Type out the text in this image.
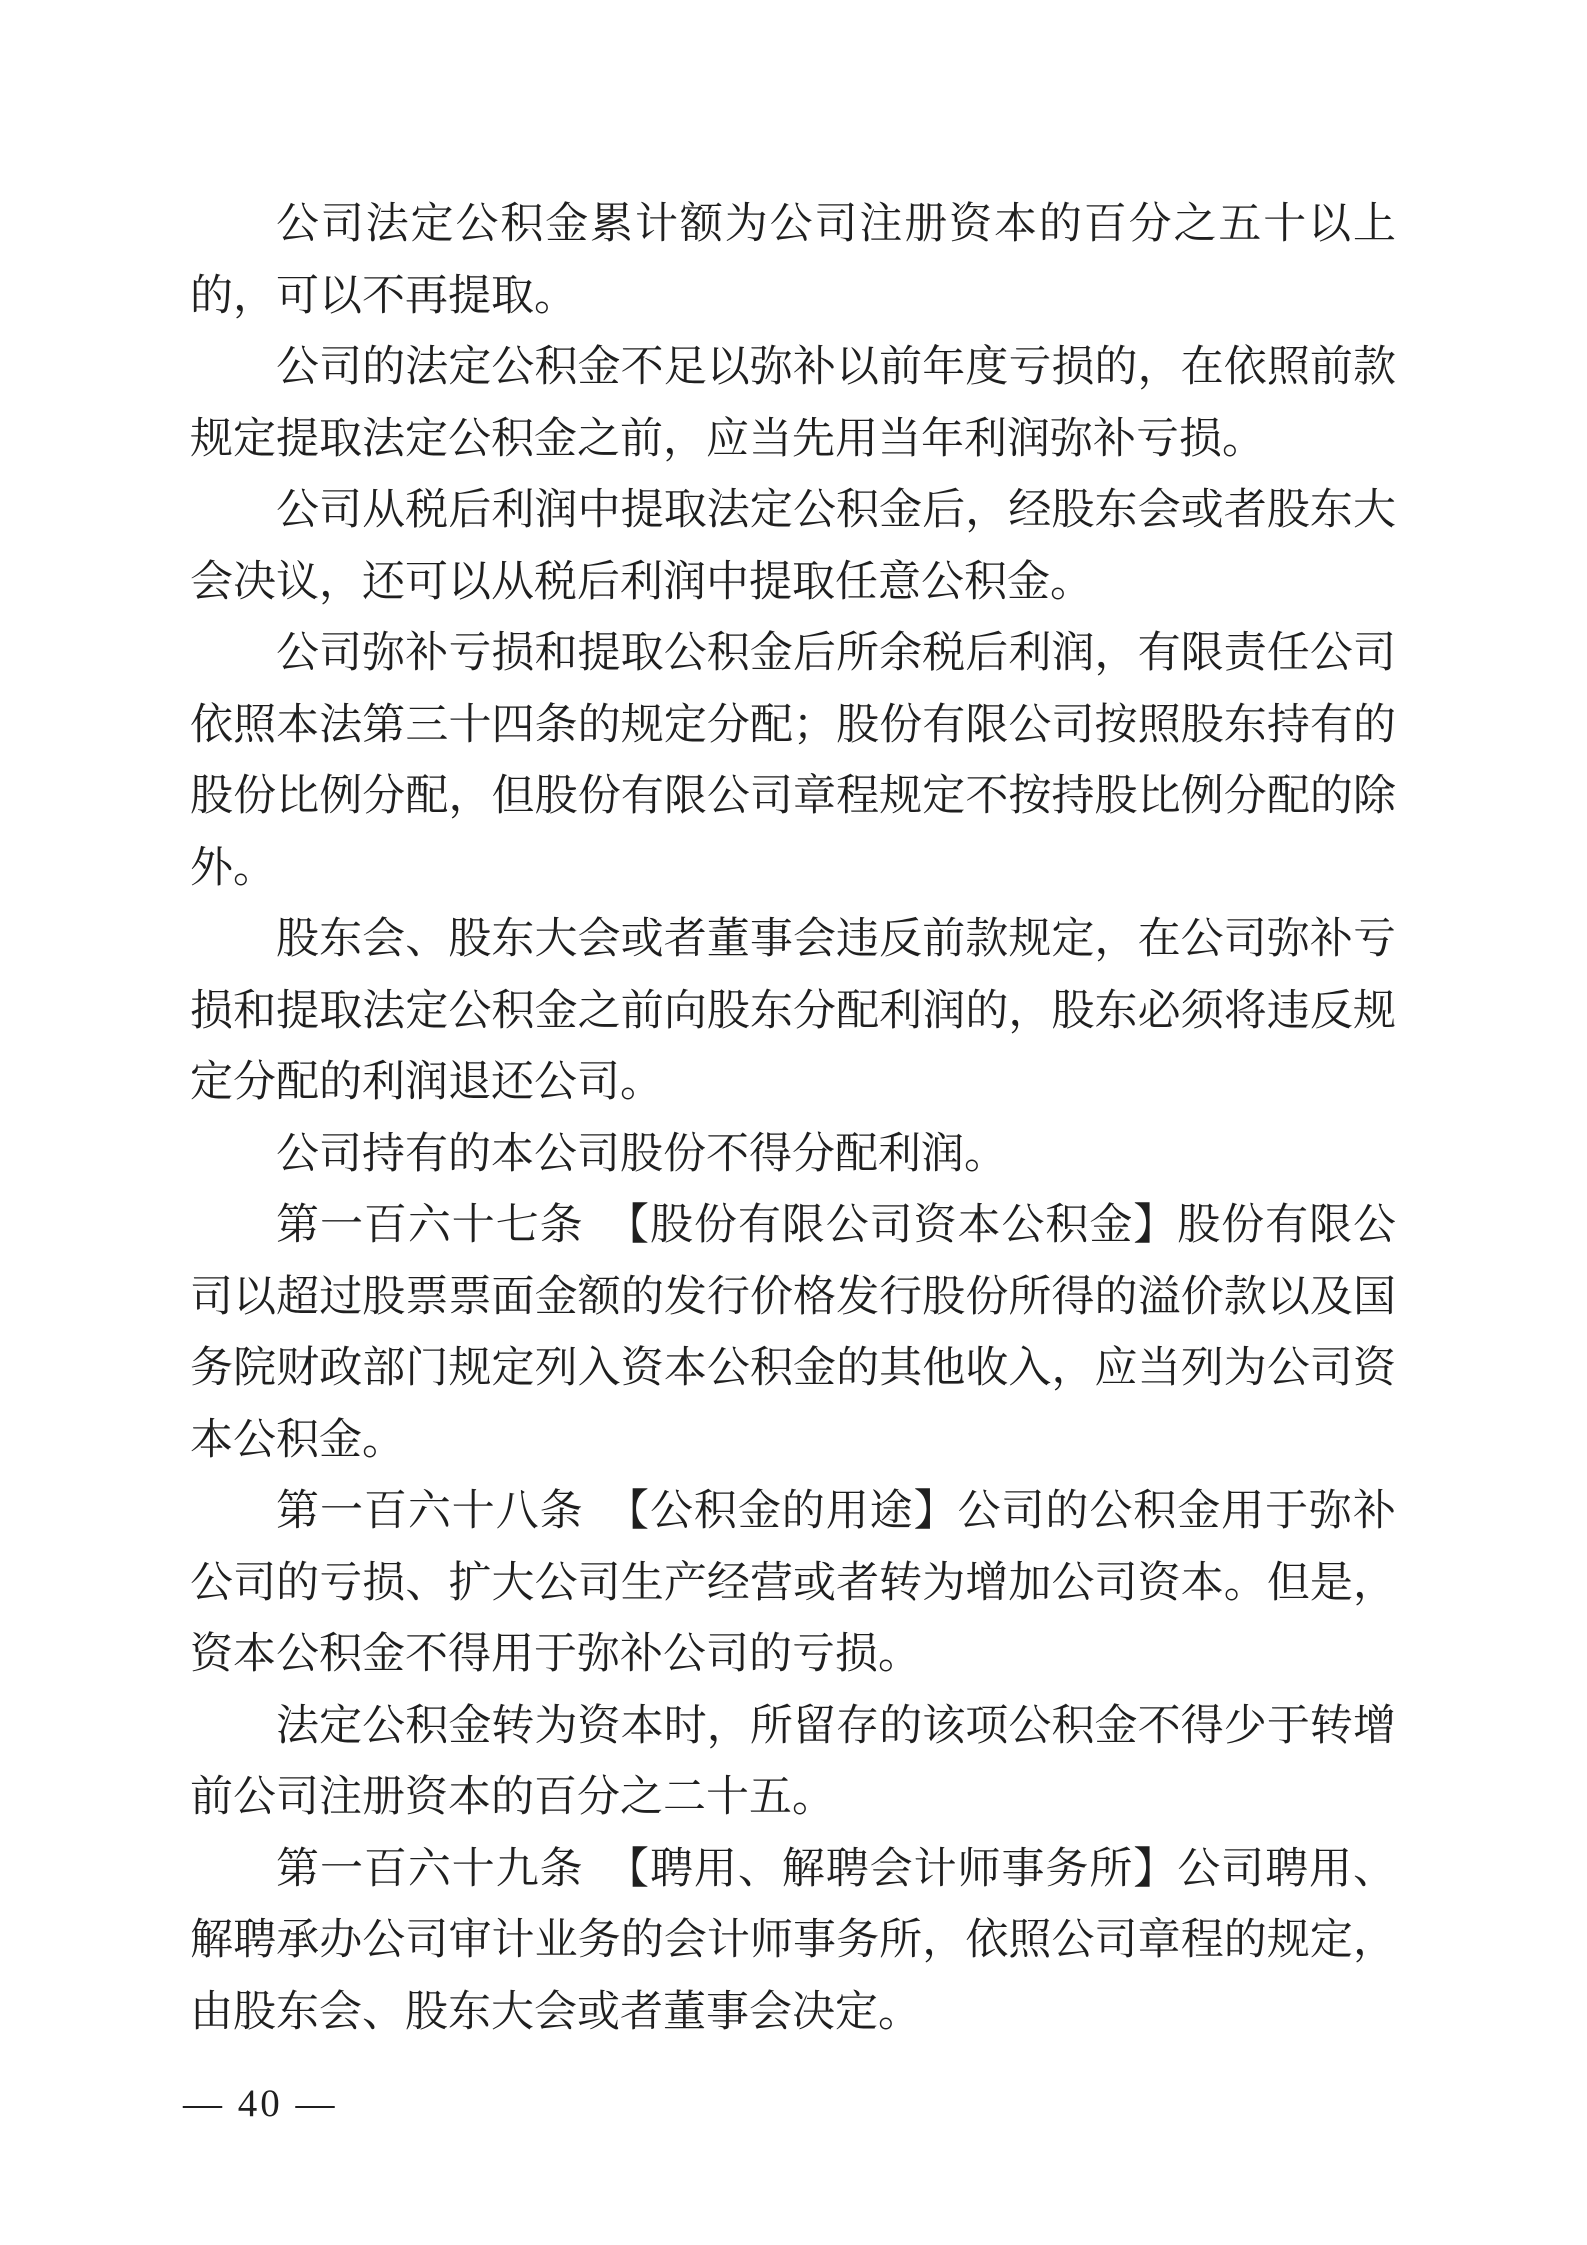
公司法定公积金累计额为公司注册资本的百分之五十以上的，可以不再提取。

公司的法定公积金不足以弥补以前年度亏损的，在依照前款规定提取法定公积金之前，应当先用当年利润弥补亏损。

公司从税后利润中提取法定公积金后，经股东会或者股东大会决议，还可以从税后利润中提取任意公积金。

公司弥补亏损和提取公积金后所余税后利润，有限责任公司依照本法第三十四条的规定分配；股份有限公司按照股东持有的股份比例分配，但股份有限公司章程规定不按持股比例分配的除外。

股东会、股东大会或者董事会违反前款规定，在公司弥补亏损和提取法定公积金之前向股东分配利润的，股东必须将违反规定分配的利润退还公司。

公司持有的本公司股份不得分配利润。

第一百六十七条　【股份有限公司资本公积金】股份有限公司以超过股票票面金额的发行价格发行股份所得的溢价款以及国务院财政部门规定列入资本公积金的其他收入，应当列为公司资本公积金。

第一百六十八条　【公积金的用途】公司的公积金用于弥补公司的亏损、扩大公司生产经营或者转为增加公司资本。但是，资本公积金不得用于弥补公司的亏损。

法定公积金转为资本时，所留存的该项公积金不得少于转增前公司注册资本的百分之二十五。

第一百六十九条　【聘用、解聘会计师事务所】公司聘用、解聘承办公司审计业务的会计师事务所，依照公司章程的规定，由股东会、股东大会或者董事会决定。

— 40 —
